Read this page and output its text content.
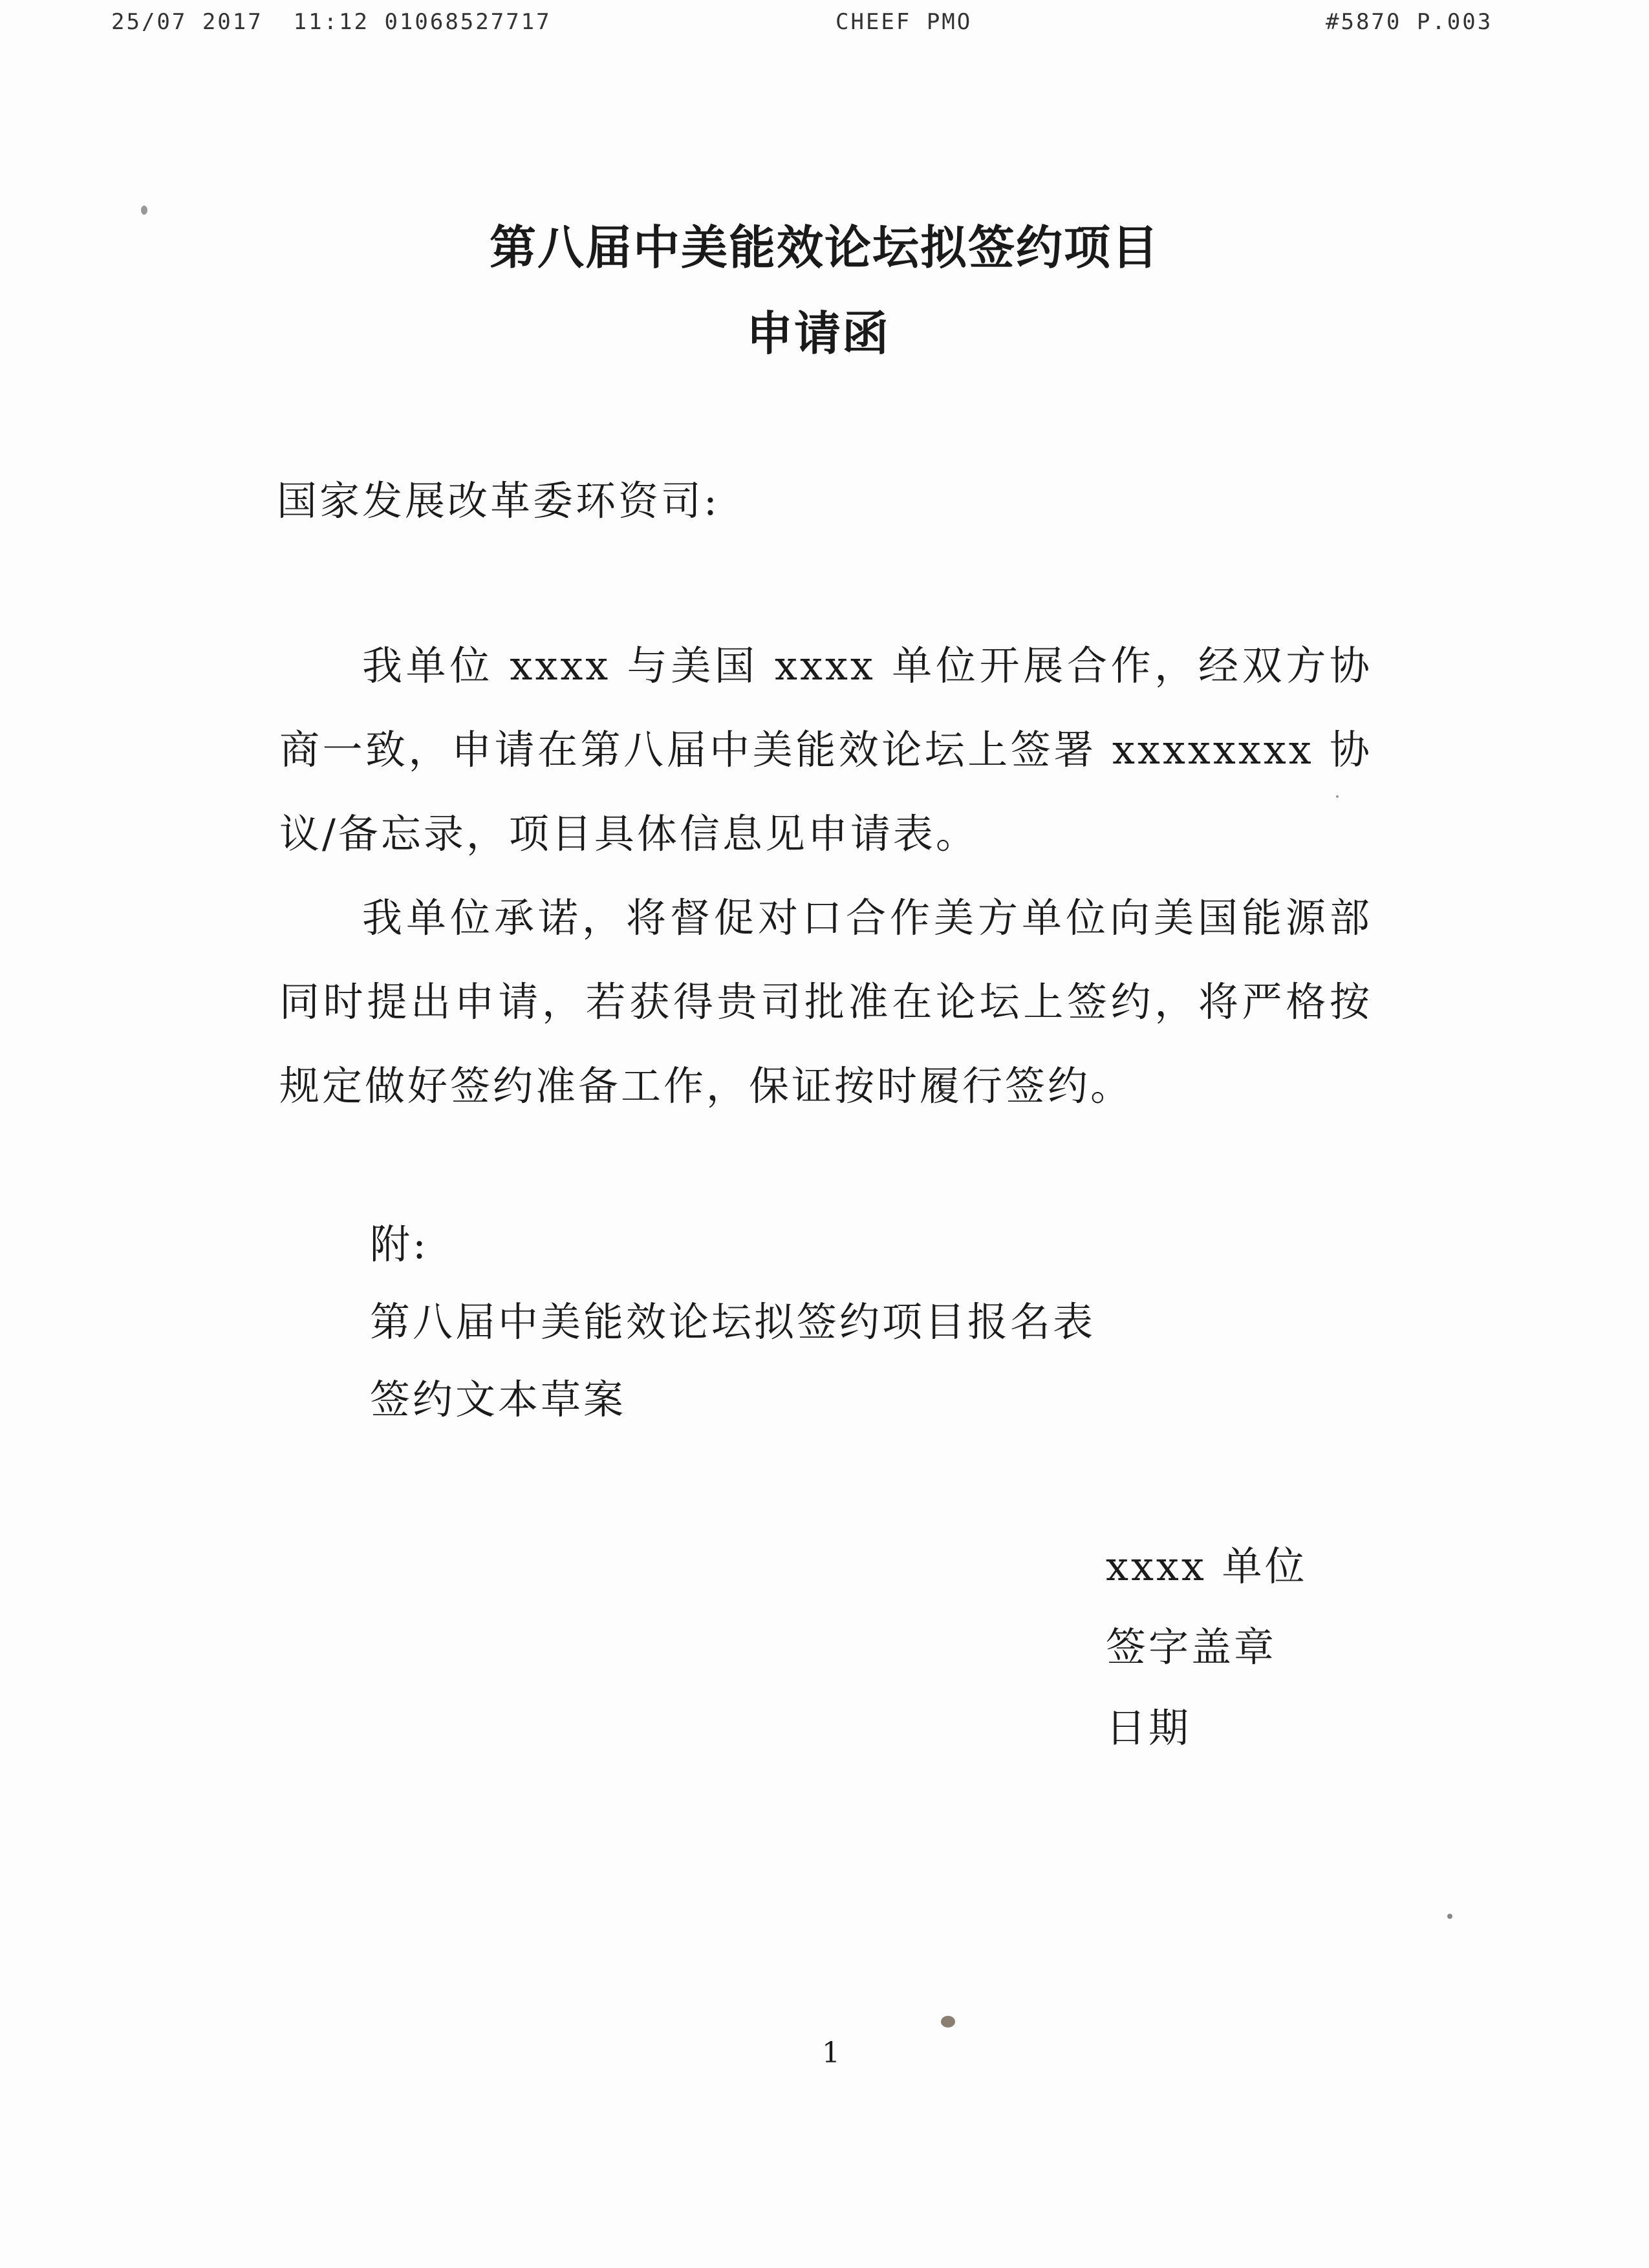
25/07 2017  11:12 01068527717	CHEEF PMO	#5870 P.003
第八届中美能效论坛拟签约项目
申请函
国家发展改革委环资司:

我单位 xxxx 与美国 xxxx 单位开展合作，经双方协商一致，申请在第八届中美能效论坛上签署 xxxxxxxx 协议/备忘录，项目具体信息见申请表。

我单位承诺，将督促对口合作美方单位向美国能源部同时提出申请，若获得贵司批准在论坛上签约，将严格按规定做好签约准备工作，保证按时履行签约。

附:
第八届中美能效论坛拟签约项目报名表
签约文本草案
xxxx 单位
签字盖章
日期
1
